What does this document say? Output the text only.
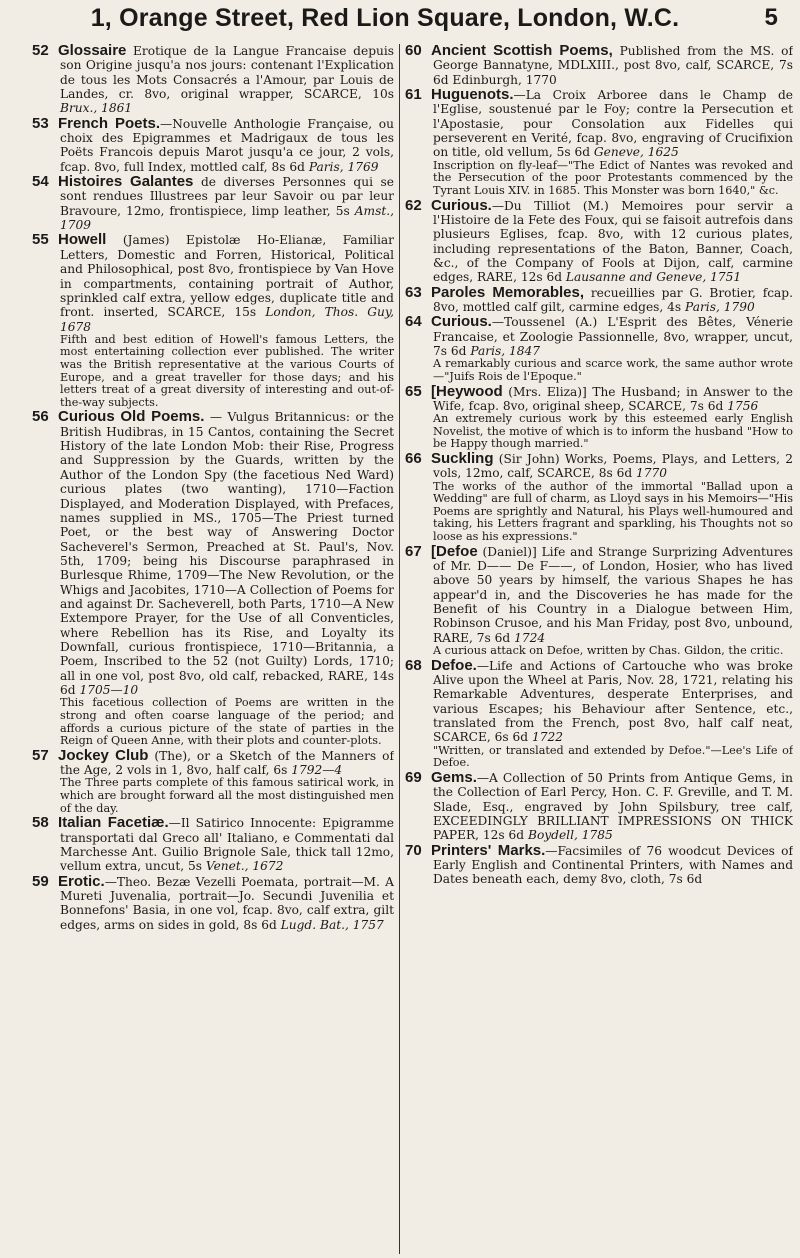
1, Orange Street, Red Lion Square, London, W.C.	5

52 Glossaire Erotique de la Langue Francaise depuis son Origine jusqu'a nos jours: contenant l'Explication de tous les Mots Consacrés a l'Amour, par Louis de Landes, cr. 8vo, original wrapper, SCARCE, 10s Brux., 1861

53 French Poets.—Nouvelle Anthologie Française, ou choix des Epigrammes et Madrigaux de tous les Poëts Francois depuis Marot jusqu'a ce jour, 2 vols, fcap. 8vo, full Index, mottled calf, 8s 6d Paris, 1769

54 Histoires Galantes de diverses Personnes qui se sont rendues Illustrees par leur Savoir ou par leur Bravoure, 12mo, frontispiece, limp leather, 5s Amst., 1709

55 Howell (James) Epistolæ Ho-Elianæ, Familiar Letters, Domestic and Forren, Historical, Political and Philosophical, post 8vo, frontispiece by Van Hove in compartments, containing portrait of Author, sprinkled calf extra, yellow edges, duplicate title and front. inserted, SCARCE, 15s London, Thos. Guy, 1678

Fifth and best edition of Howell's famous Letters, the most entertaining collection ever published. The writer was the British representative at the various Courts of Europe, and a great traveller for those days; and his letters treat of a great diversity of interesting and out-of-the-way subjects.

56 Curious Old Poems. — Vulgus Britannicus: or the British Hudibras, in 15 Cantos, containing the Secret History of the late London Mob: their Rise, Progress and Suppression by the Guards, written by the Author of the London Spy (the facetious Ned Ward) curious plates (two wanting), 1710—Faction Displayed, and Moderation Displayed, with Prefaces, names supplied in MS., 1705—The Priest turned Poet, or the best way of Answering Doctor Sacheverel's Sermon, Preached at St. Paul's, Nov. 5th, 1709; being his Discourse paraphrased in Burlesque Rhime, 1709—The New Revolution, or the Whigs and Jacobites, 1710—A Collection of Poems for and against Dr. Sacheverell, both Parts, 1710—A New Extempore Prayer, for the Use of all Conventicles, where Rebellion has its Rise, and Loyalty its Downfall, curious frontispiece, 1710—Britannia, a Poem, Inscribed to the 52 (not Guilty) Lords, 1710; all in one vol, post 8vo, old calf, rebacked, RARE, 14s 6d 1705—10

This facetious collection of Poems are written in the strong and often coarse language of the period; and affords a curious picture of the state of parties in the Reign of Queen Anne, with their plots and counter-plots.

57 Jockey Club (The), or a Sketch of the Manners of the Age, 2 vols in 1, 8vo, half calf, 6s 1792—4

The Three parts complete of this famous satirical work, in which are brought forward all the most distinguished men of the day.

58 Italian Facetiæ.—Il Satirico Innocente: Epigramme transportati dal Greco all' Italiano, e Commentati dal Marchesse Ant. Guilio Brignole Sale, thick tall 12mo, vellum extra, uncut, 5s Venet., 1672

59 Erotic.—Theo. Bezæ Vezelli Poemata, portrait—M. A Mureti Juvenalia, portrait—Jo. Secundi Juvenilia et Bonnefons' Basia, in one vol, fcap. 8vo, calf extra, gilt edges, arms on sides in gold, 8s 6d Lugd. Bat., 1757

60 Ancient Scottish Poems, Published from the MS. of George Bannatyne, MDLXIII., post 8vo, calf, SCARCE, 7s 6d Edinburgh, 1770

61 Huguenots.—La Croix Arboree dans le Champ de l'Eglise, soustenué par le Foy; contre la Persecution et l'Apostasie, pour Consolation aux Fidelles qui perseverent en Verité, fcap. 8vo, engraving of Crucifixion on title, old vellum, 5s 6d Geneve, 1625

Inscription on fly-leaf—"The Edict of Nantes was revoked and the Persecution of the poor Protestants commenced by the Tyrant Louis XIV. in 1685. This Monster was born 1640," &c.

62 Curious.—Du Tilliot (M.) Memoires pour servir a l'Histoire de la Fete des Foux, qui se faisoit autrefois dans plusieurs Eglises, fcap. 8vo, with 12 curious plates, including representations of the Baton, Banner, Coach, &c., of the Company of Fools at Dijon, calf, carmine edges, RARE, 12s 6d Lausanne and Geneve, 1751

63 Paroles Memorables, recueillies par G. Brotier, fcap. 8vo, mottled calf gilt, carmine edges, 4s Paris, 1790

64 Curious.—Toussenel (A.) L'Esprit des Bêtes, Vénerie Francaise, et Zoologie Passionnelle, 8vo, wrapper, uncut, 7s 6d Paris, 1847

A remarkably curious and scarce work, the same author wrote—"Juifs Rois de l'Epoque."

65 [Heywood (Mrs. Eliza)] The Husband; in Answer to the Wife, fcap. 8vo, original sheep, SCARCE, 7s 6d 1756

An extremely curious work by this esteemed early English Novelist, the motive of which is to inform the husband "How to be Happy though married."

66 Suckling (Sir John) Works, Poems, Plays, and Letters, 2 vols, 12mo, calf, SCARCE, 8s 6d 1770

The works of the author of the immortal "Ballad upon a Wedding" are full of charm, as Lloyd says in his Memoirs—"His Poems are sprightly and Natural, his Plays well-humoured and taking, his Letters fragrant and sparkling, his Thoughts not so loose as his expressions."

67 [Defoe (Daniel)] Life and Strange Surprizing Adventures of Mr. D—— De F——, of London, Hosier, who has lived above 50 years by himself, the various Shapes he has appear'd in, and the Discoveries he has made for the Benefit of his Country in a Dialogue between Him, Robinson Crusoe, and his Man Friday, post 8vo, unbound, RARE, 7s 6d 1724

A curious attack on Defoe, written by Chas. Gildon, the critic.

68 Defoe.—Life and Actions of Cartouche who was broke Alive upon the Wheel at Paris, Nov. 28, 1721, relating his Remarkable Adventures, desperate Enterprises, and various Escapes; his Behaviour after Sentence, etc., translated from the French, post 8vo, half calf neat, SCARCE, 6s 6d 1722

"Written, or translated and extended by Defoe."—Lee's Life of Defoe.

69 Gems.—A Collection of 50 Prints from Antique Gems, in the Collection of Earl Percy, Hon. C. F. Greville, and T. M. Slade, Esq., engraved by John Spilsbury, tree calf, EXCEEDINGLY BRILLIANT IMPRESSIONS ON THICK PAPER, 12s 6d Boydell, 1785

70 Printers' Marks.—Facsimiles of 76 woodcut Devices of Early English and Continental Printers, with Names and Dates beneath each, demy 8vo, cloth, 7s 6d
